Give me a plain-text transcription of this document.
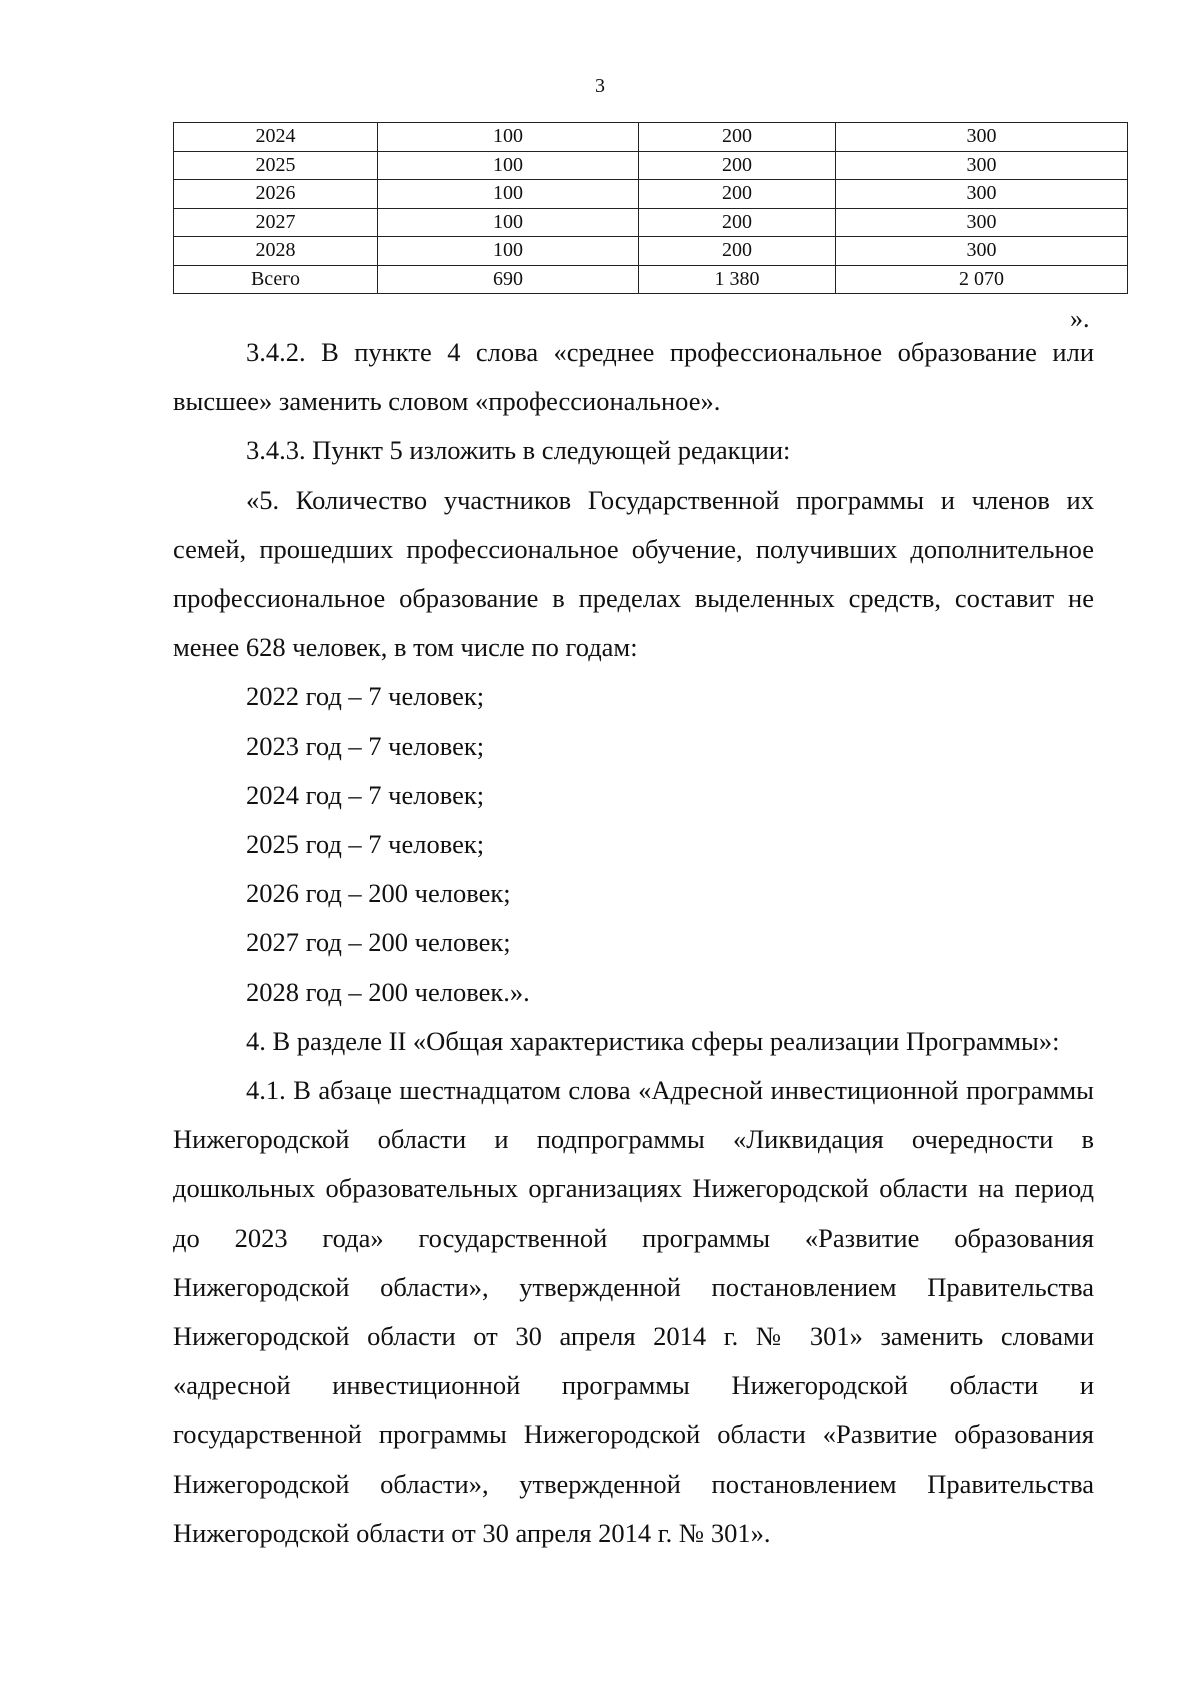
3
2024	100	200	300
2025	100	200	300
2026	100	200	300
2027	100	200	300
2028	100	200	300
Всего	690	1 380	2 070
».

3.4.2. В пункте 4 слова «среднее профессиональное образование или высшее» заменить словом «профессиональное».

3.4.3. Пункт 5 изложить в следующей редакции:

«5. Количество участников Государственной программы и членов их семей, прошедших профессиональное обучение, получивших дополнительное профессиональное образование в пределах выделенных средств, составит не менее 628 человек, в том числе по годам:

2022 год – 7 человек;

2023 год – 7 человек;

2024 год – 7 человек;

2025 год – 7 человек;

2026 год – 200 человек;

2027 год – 200 человек;

2028 год – 200 человек.».

4. В разделе II «Общая характеристика сферы реализации Программы»:

4.1. В абзаце шестнадцатом слова «Адресной инвестиционной программы Нижегородской области и подпрограммы «Ликвидация очередности в дошкольных образовательных организациях Нижегородской области на период до 2023 года» государственной программы «Развитие образования Нижегородской области», утвержденной постановлением Правительства Нижегородской области от 30 апреля 2014 г. № 301» заменить словами «адресной инвестиционной программы Нижегородской области и государственной программы Нижегородской области «Развитие образования Нижегородской области», утвержденной постановлением Правительства Нижегородской области от 30 апреля 2014 г. № 301».
